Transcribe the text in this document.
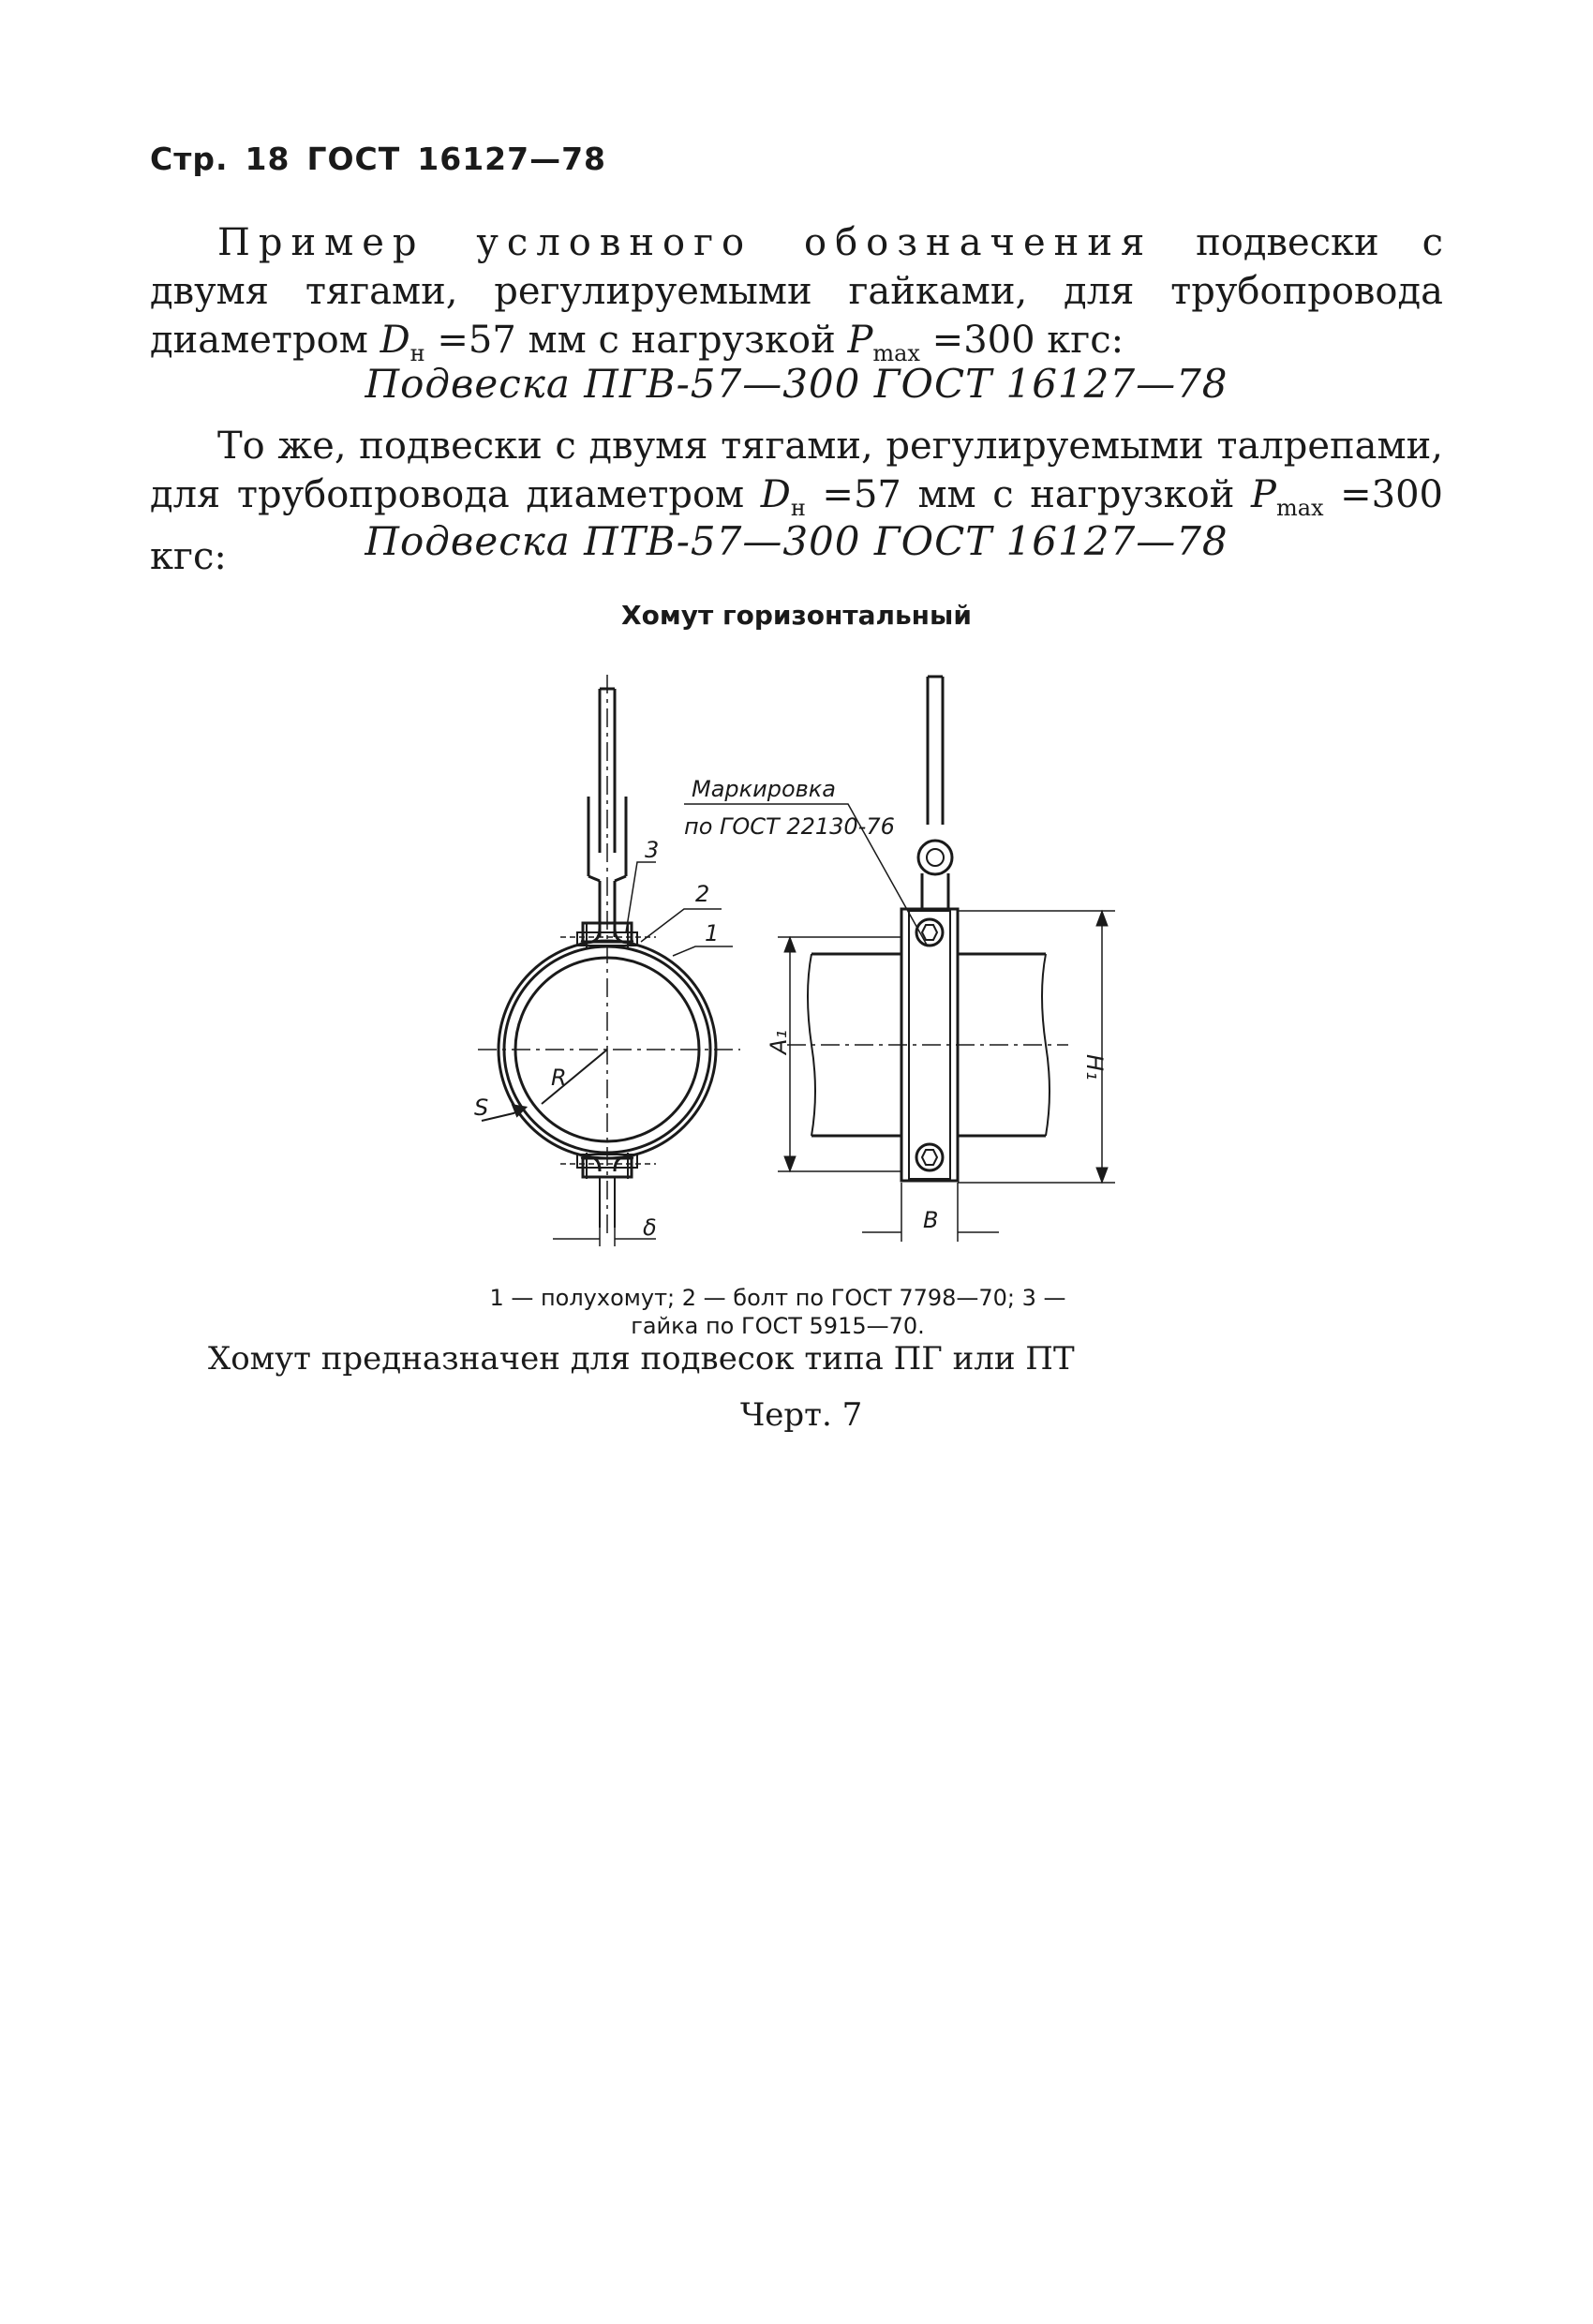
Стр. 18 ГОСТ 16127—78
Пример условного обозначения подвески с двумя тягами, регулируемыми гайками, для трубопровода диаметром $D_н =57$ мм с нагрузкой $P_{max} =300$ кгс:
Подвеска ПГВ-57—300 ГОСТ 16127—78
То же, подвески с двумя тягами, регулируемыми талрепами, для трубопровода диаметром $D_н =57$ мм с нагрузкой $P_{max} =300$ кгс:	Подвеска ПТВ-57—300 ГОСТ 16127—78
Хомут горизонтальный
Маркировка
по ГОСТ 22130-76
3
2
1
R
S
δ
A₁
H₁
B
1 — полухомут; 2 — болт по ГОСТ 7798—70; 3 —
гайка по ГОСТ 5915—70.
Хомут предназначен для подвесок типа ПГ или ПТ
Черт. 7
